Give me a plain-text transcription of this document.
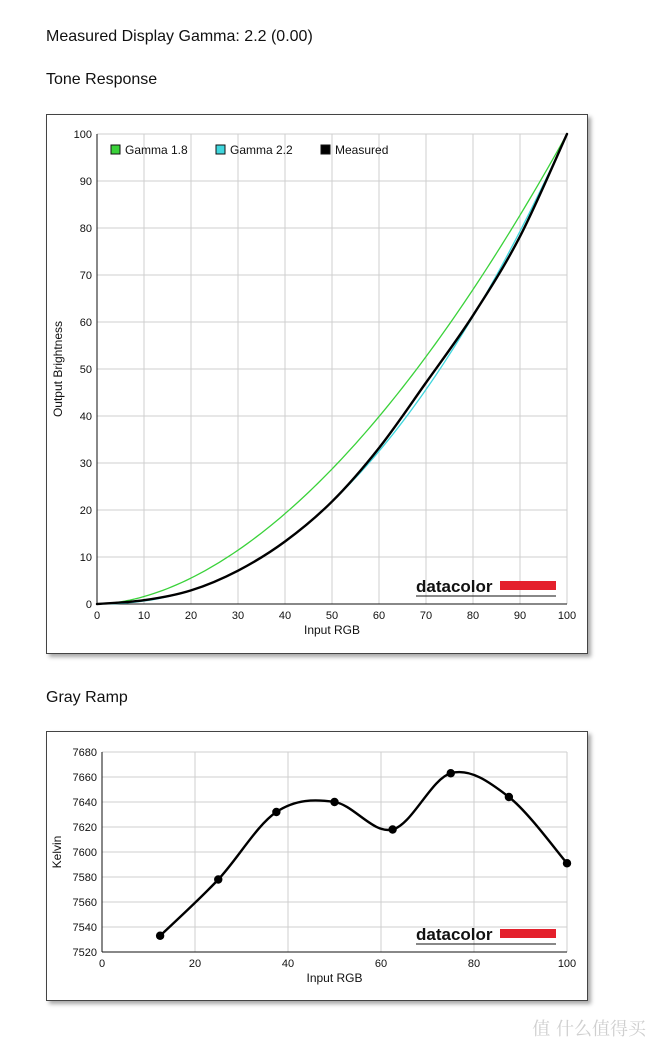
Measured Display Gamma: 2.2 (0.00)
Tone Response
0	10	20	30	40	50	60	70	80	90	100
0
10
20
30
40
50
60
70
80
90
100
Input RGB
Output Brightness
datacolor
Gamma 1.8	Gamma 2.2	Measured
Gray Ramp
0	20	40	60	80	100
7520
7540
7560
7580
7600
7620
7640
7660
7680
Input RGB
Kelvin
datacolor
值 什么值得买
